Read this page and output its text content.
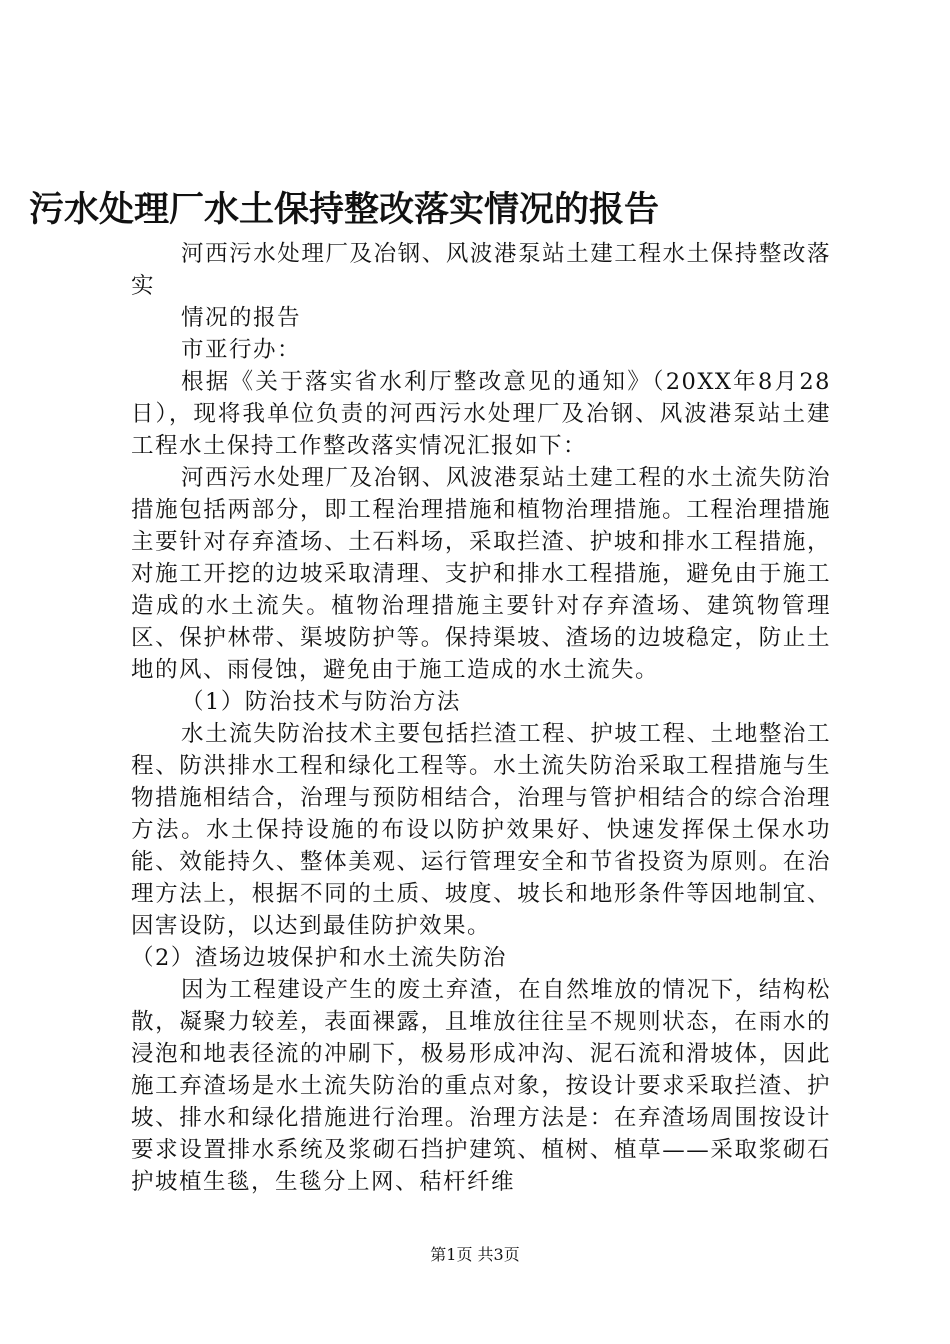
污水处理厂水土保持整改落实情况的报告

河西污水处理厂及冶钢、风波港泵站土建工程水土保持整改落实

情况的报告

市亚行办：

根据《关于落实省水利厅整改意见的通知》（20XX年8月28日），现将我单位负责的河西污水处理厂及冶钢、风波港泵站土建工程水土保持工作整改落实情况汇报如下：

河西污水处理厂及冶钢、风波港泵站土建工程的水土流失防治措施包括两部分，即工程治理措施和植物治理措施。工程治理措施主要针对存弃渣场、土石料场，采取拦渣、护坡和排水工程措施，对施工开挖的边坡采取清理、支护和排水工程措施，避免由于施工造成的水土流失。植物治理措施主要针对存弃渣场、建筑物管理区、保护林带、渠坡防护等。保持渠坡、渣场的边坡稳定，防止土地的风、雨侵蚀，避免由于施工造成的水土流失。

（1）防治技术与防治方法

水土流失防治技术主要包括拦渣工程、护坡工程、土地整治工程、防洪排水工程和绿化工程等。水土流失防治采取工程措施与生物措施相结合，治理与预防相结合，治理与管护相结合的综合治理方法。水土保持设施的布设以防护效果好、快速发挥保土保水功能、效能持久、整体美观、运行管理安全和节省投资为原则。在治理方法上，根据不同的土质、坡度、坡长和地形条件等因地制宜、因害设防，以达到最佳防护效果。

（2）渣场边坡保护和水土流失防治

因为工程建设产生的废土弃渣，在自然堆放的情况下，结构松散，凝聚力较差，表面裸露，且堆放往往呈不规则状态，在雨水的浸泡和地表径流的冲刷下，极易形成冲沟、泥石流和滑坡体，因此施工弃渣场是水土流失防治的重点对象，按设计要求采取拦渣、护坡、排水和绿化措施进行治理。治理方法是：在弃渣场周围按设计要求设置排水系统及浆砌石挡护建筑、植树、植草——采取浆砌石护坡植生毯，生毯分上网、秸杆纤维

第1页 共3页
